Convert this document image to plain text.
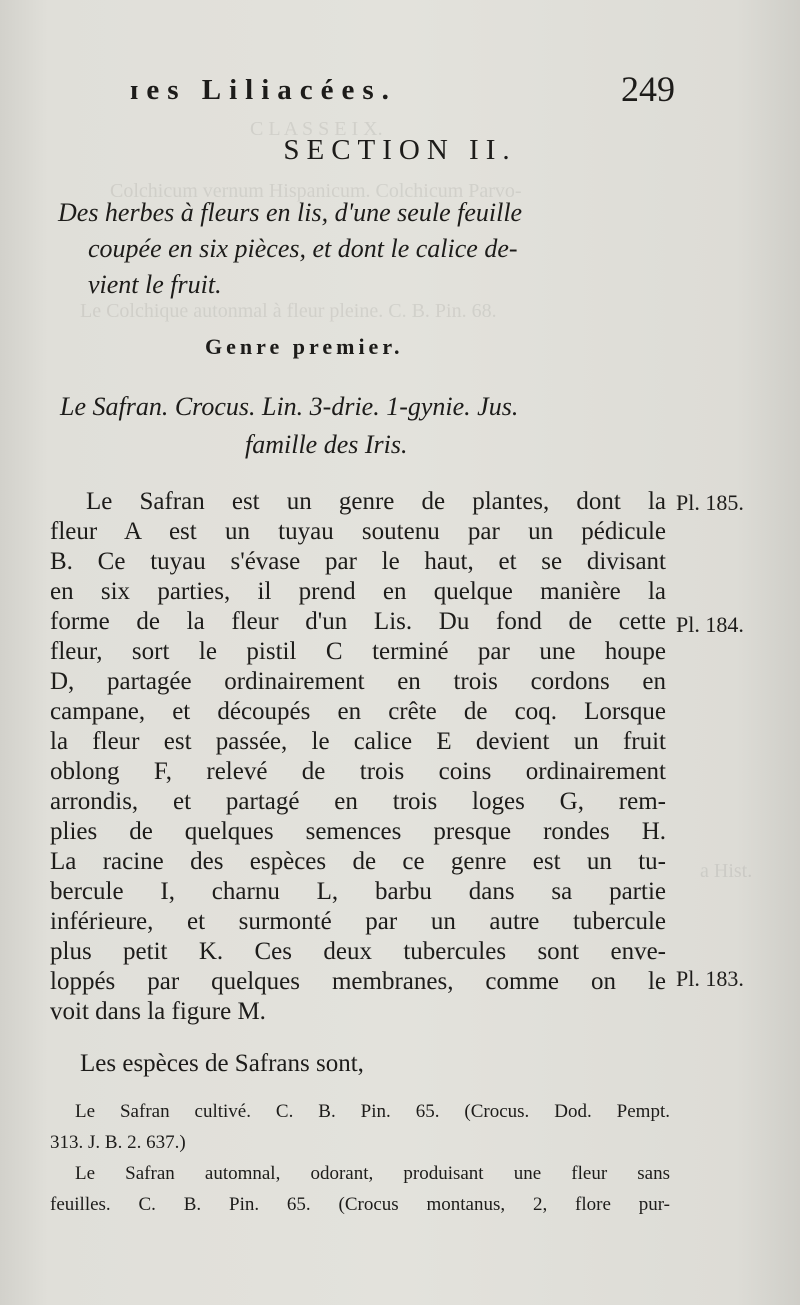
C L A S S E I X.
Colchicum vernum Hispanicum. Colchicum Parvo-
Le Colchique autonmal à fleur pleine. C. B. Pin. 68.
a Hist.
ɪes Liliacées.	249
SECTION II.
Des herbes à fleurs en lis, d'une seule feuille
coupée en six pièces, et dont le calice de-
vient le fruit.
Genre premier.
Le Safran. Crocus. Lin. 3-drie. 1-gynie. Jus.
famille des Iris.
Le Safran est un genre de plantes, dont la
fleur A est un tuyau soutenu par un pédicule
B. Ce tuyau s'évase par le haut, et se divisant
en six parties, il prend en quelque manière la
forme de la fleur d'un Lis. Du fond de cette
fleur, sort le pistil C terminé par une houpe
D, partagée ordinairement en trois cordons en
campane, et découpés en crête de coq. Lorsque
la fleur est passée, le calice E devient un fruit
oblong F, relevé de trois coins ordinairement
arrondis, et partagé en trois loges G, rem-
plies de quelques semences presque rondes H.
La racine des espèces de ce genre est un tu-
bercule I, charnu L, barbu dans sa partie
inférieure, et surmonté par un autre tubercule
plus petit K. Ces deux tubercules sont enve-
loppés par quelques membranes, comme on le
voit dans la figure M.
Pl. 185.
Pl. 184.
Pl. 183.
Les espèces de Safrans sont,
Le Safran cultivé. C. B. Pin. 65. (Crocus. Dod. Pempt.
313. J. B. 2. 637.)
Le Safran automnal, odorant, produisant une fleur sans
feuilles. C. B. Pin. 65. (Crocus montanus, 2, flore pur-
